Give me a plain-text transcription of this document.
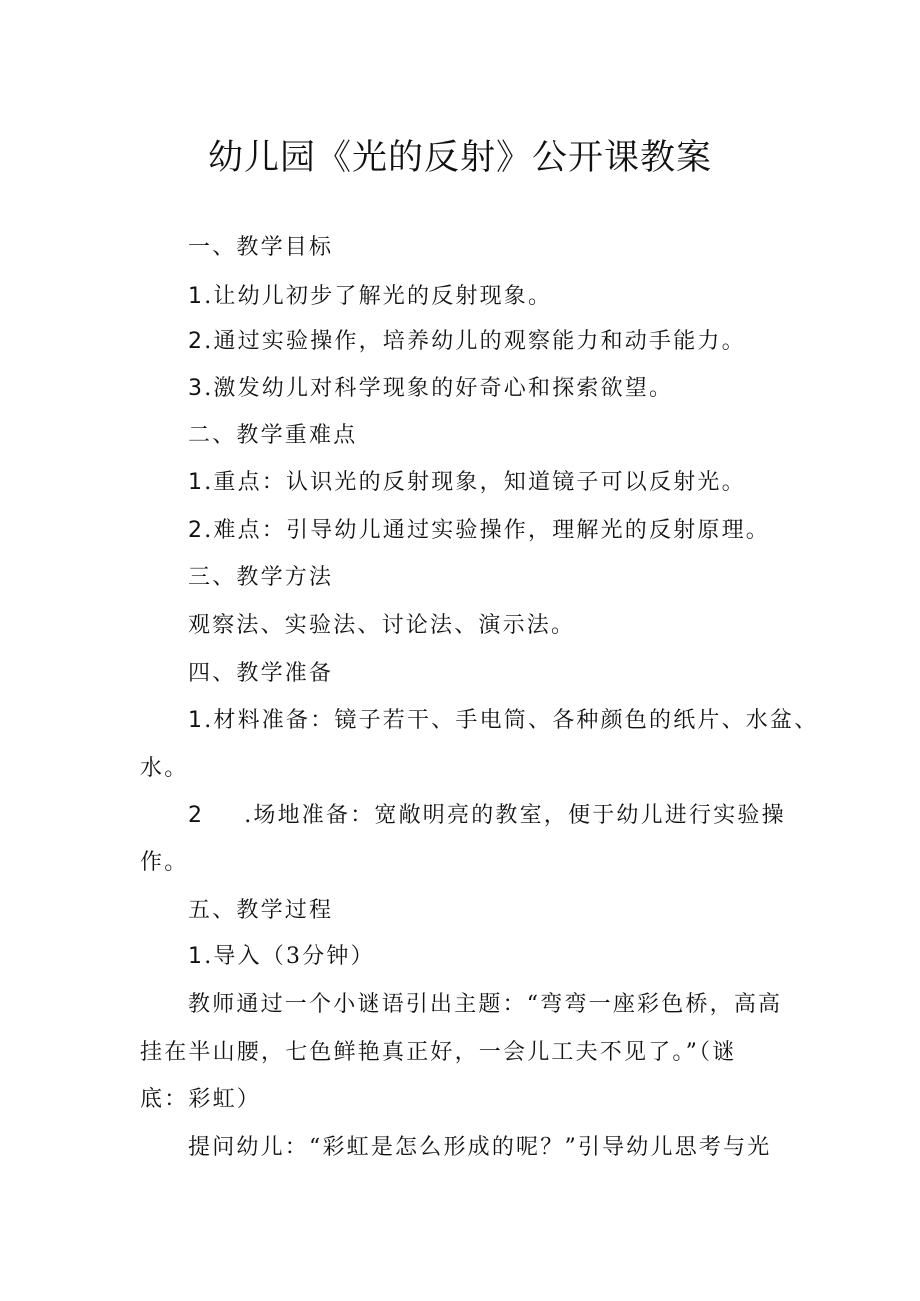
幼儿园《光的反射》公开课教案
一、教学目标
1.让幼儿初步了解光的反射现象。
2.通过实验操作，培养幼儿的观察能力和动手能力。
3.激发幼儿对科学现象的好奇心和探索欲望。
二、教学重难点
1.重点：认识光的反射现象，知道镜子可以反射光。
2.难点：引导幼儿通过实验操作，理解光的反射原理。
三、教学方法
观察法、实验法、讨论法、演示法。
四、教学准备
1.材料准备：镜子若干、手电筒、各种颜色的纸片、水盆、
水。
2 .场地准备：宽敞明亮的教室，便于幼儿进行实验操
作。
五、教学过程
1.导入（3分钟）
教师通过一个小谜语引出主题：“弯弯一座彩色桥，高高
挂在半山腰，七色鲜艳真正好，一会儿工夫不见了。”（谜
底：彩虹）
提问幼儿：“彩虹是怎么形成的呢？”引导幼儿思考与光
